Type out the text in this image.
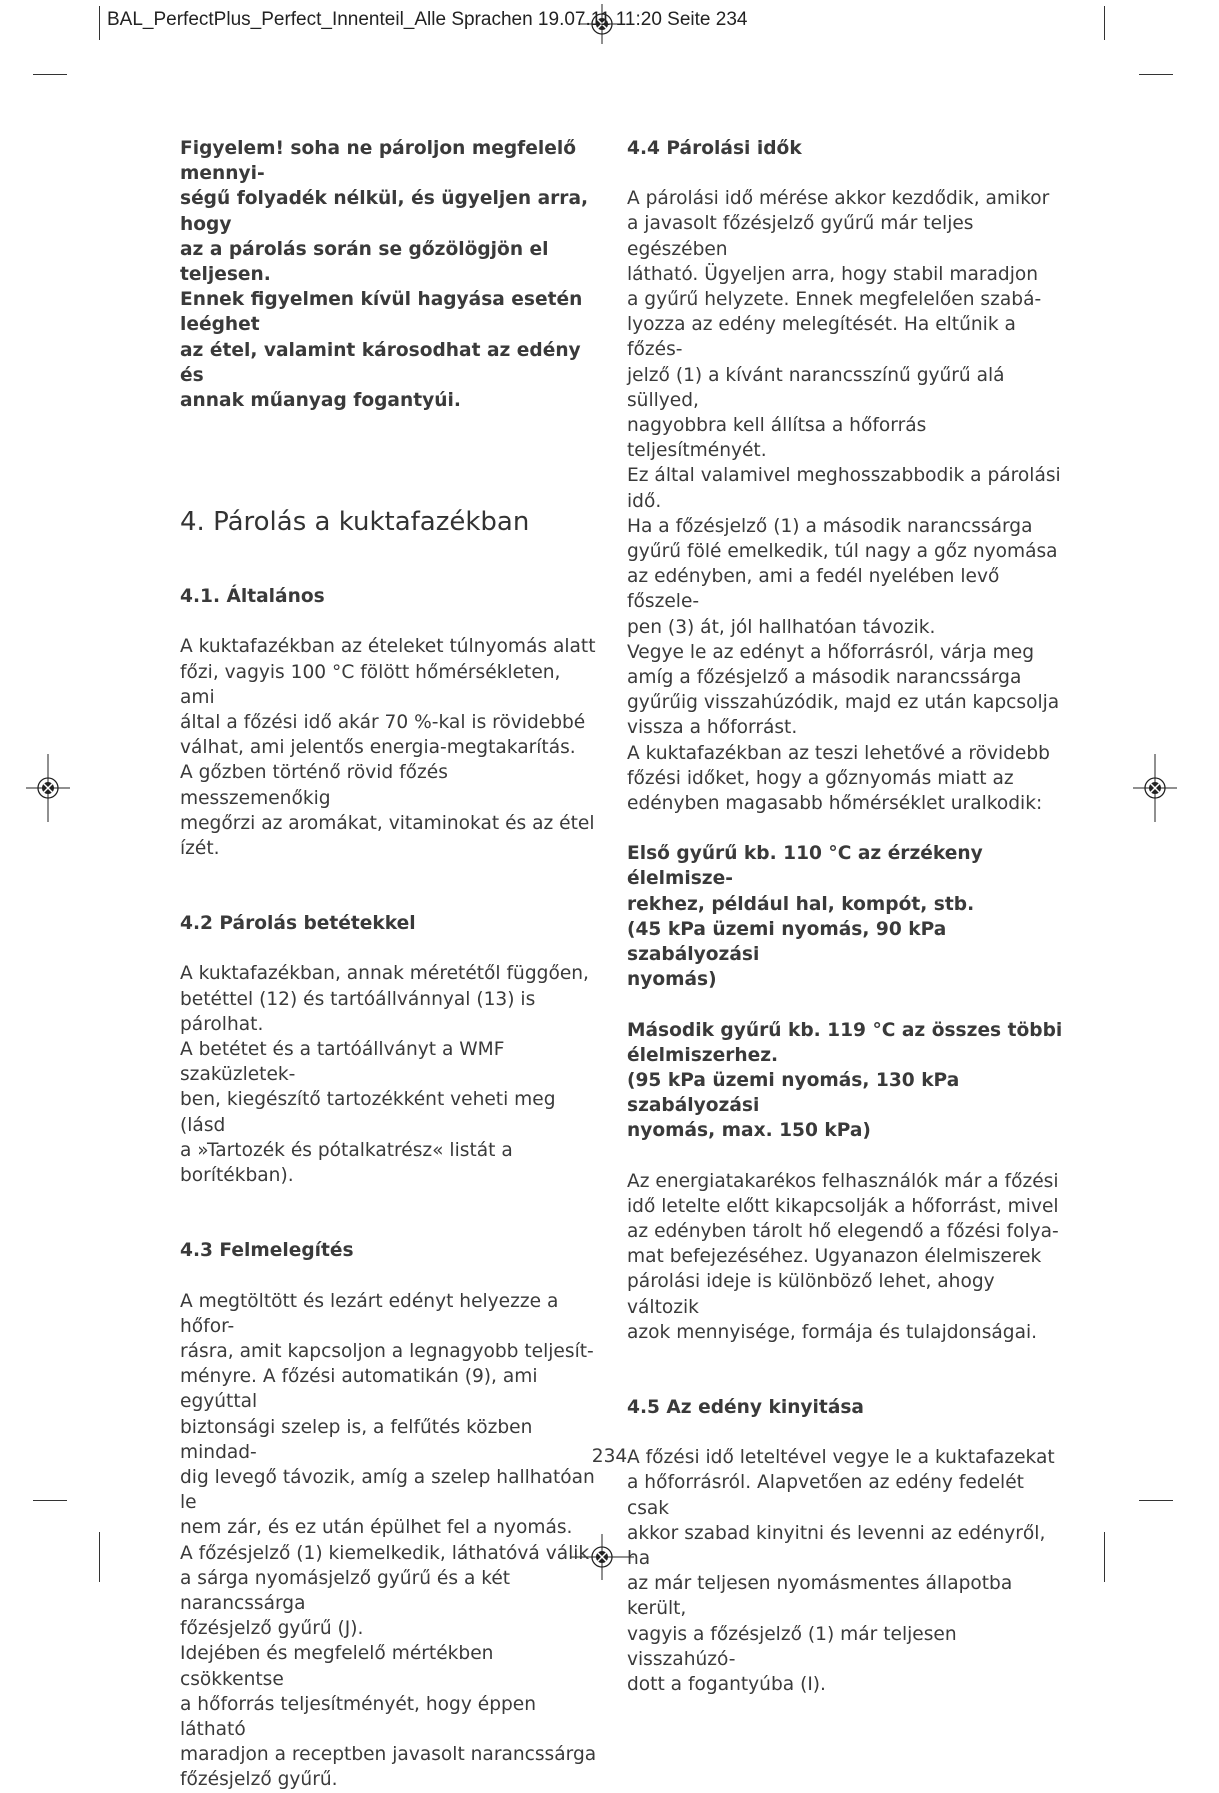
BAL_PerfectPlus_Perfect_Innenteil_Alle Sprachen 19.07.11 11:20 Seite 234

Figyelem! soha ne pároljon megfelelő mennyi-

ségű folyadék nélkül, és ügyeljen arra, hogy

az a párolás során se gőzölögjön el teljesen.

Ennek figyelmen kívül hagyása esetén leéghet

az étel, valamint károsodhat az edény és

annak műanyag fogantyúi.

4. Párolás a kuktafazékban

4.1. Általános

A kuktafazékban az ételeket túlnyomás alatt

főzi, vagyis 100 °C fölött hőmérsékleten, ami

által a főzési idő akár 70 %-kal is rövidebbé

válhat, ami jelentős energia-megtakarítás.

A gőzben történő rövid főzés messzemenőkig

megőrzi az aromákat, vitaminokat és az étel ízét.

4.2 Párolás betétekkel

A kuktafazékban, annak méretétől függően,

betéttel (12) és tartóállvánnyal (13) is párolhat.

A betétet és a tartóállványt a WMF szaküzletek-

ben, kiegészítő tartozékként veheti meg (lásd

a »Tartozék és pótalkatrész« listát a borítékban).

4.3 Felmelegítés

A megtöltött és lezárt edényt helyezze a hőfor-

rásra, amit kapcsoljon a legnagyobb teljesít-

ményre. A főzési automatikán (9), ami egyúttal

biztonsági szelep is, a felfűtés közben mindad-

dig levegő távozik, amíg a szelep hallhatóan le

nem zár, és ez után épülhet fel a nyomás.

A főzésjelző (1) kiemelkedik, láthatóvá válik

a sárga nyomásjelző gyűrű és a két narancssárga

főzésjelző gyűrű (J).

Idejében és megfelelő mértékben csökkentse

a hőforrás teljesítményét, hogy éppen látható

maradjon a receptben javasolt narancssárga

főzésjelző gyűrű.

4.4 Párolási idők

A párolási idő mérése akkor kezdődik, amikor

a javasolt főzésjelző gyűrű már teljes egészében

látható. Ügyeljen arra, hogy stabil maradjon

a gyűrű helyzete. Ennek megfelelően szabá-

lyozza az edény melegítését. Ha eltűnik a főzés-

jelző (1) a kívánt narancsszínű gyűrű alá süllyed,

nagyobbra kell állítsa a hőforrás teljesítményét.

Ez által valamivel meghosszabbodik a párolási idő.

Ha a főzésjelző (1) a második narancssárga

gyűrű fölé emelkedik, túl nagy a gőz nyomása

az edényben, ami a fedél nyelében levő főszele-

pen (3) át, jól hallhatóan távozik.

Vegye le az edényt a hőforrásról, várja meg

amíg a főzésjelző a második narancssárga

gyűrűig visszahúzódik, majd ez után kapcsolja

vissza a hőforrást.

A kuktafazékban az teszi lehetővé a rövidebb

főzési időket, hogy a gőznyomás miatt az

edényben magasabb hőmérséklet uralkodik:

Első gyűrű kb. 110 °C az érzékeny élelmisze-

rekhez, például hal, kompót, stb.

(45 kPa üzemi nyomás, 90 kPa szabályozási

nyomás)

Második gyűrű kb. 119 °C az összes többi

élelmiszerhez.

(95 kPa üzemi nyomás, 130 kPa szabályozási

nyomás, max. 150 kPa)

Az energiatakarékos felhasználók már a főzési

idő letelte előtt kikapcsolják a hőforrást, mivel

az edényben tárolt hő elegendő a főzési folya-

mat befejezéséhez. Ugyanazon élelmiszerek

párolási ideje is különböző lehet, ahogy változik

azok mennyisége, formája és tulajdonságai.

4.5 Az edény kinyitása

A főzési idő leteltével vegye le a kuktafazekat

a hőforrásról. Alapvetően az edény fedelét csak

akkor szabad kinyitni és levenni az edényről, ha

az már teljesen nyomásmentes állapotba került,

vagyis a főzésjelző (1) már teljesen visszahúzó-

dott a fogantyúba (I).

234
